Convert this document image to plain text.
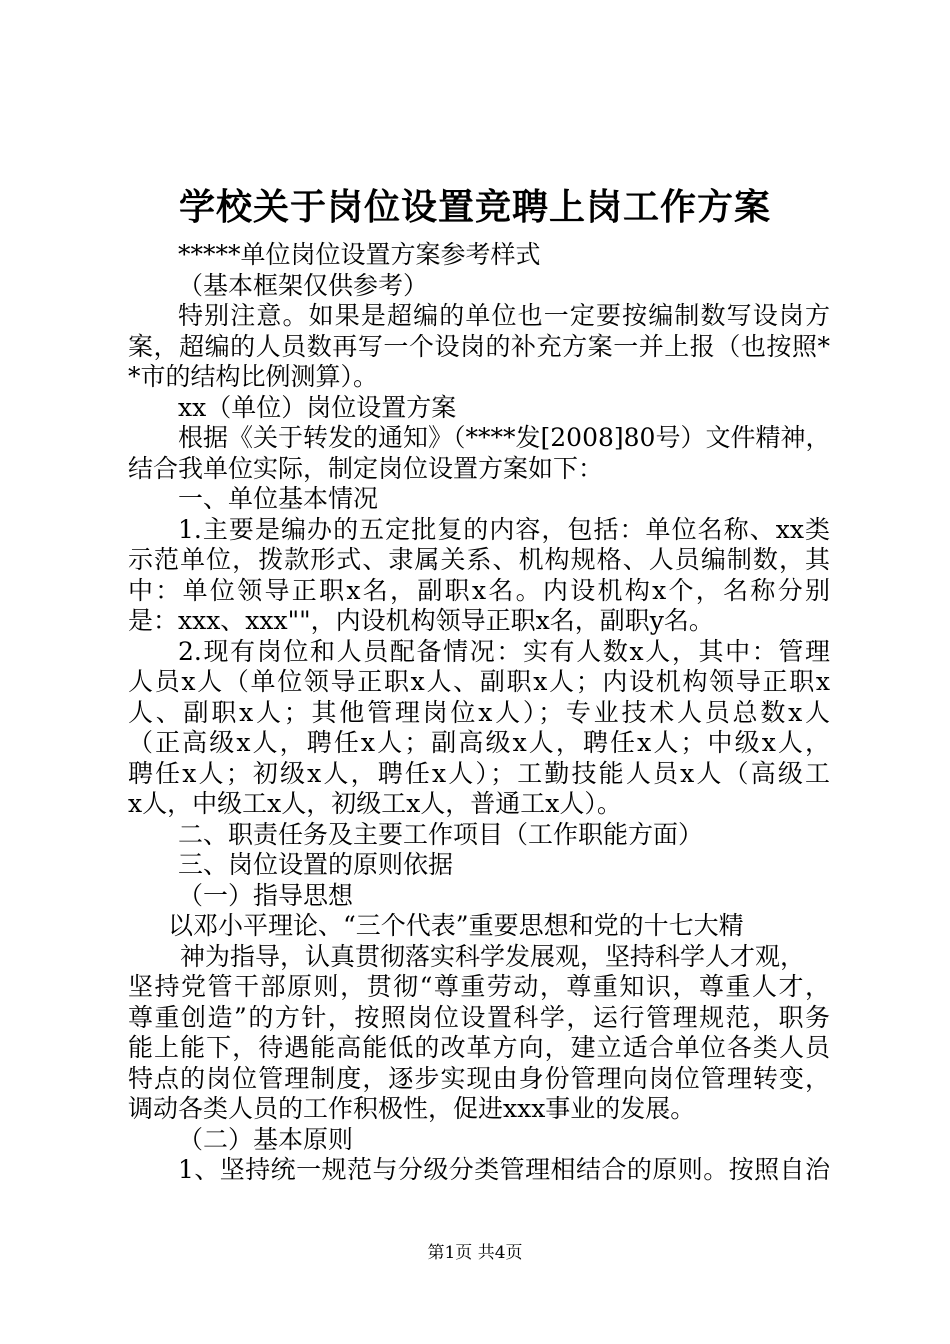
学校关于岗位设置竞聘上岗工作方案
*****单位岗位设置方案参考样式
（基本框架仅供参考）
特别注意。如果是超编的单位也一定要按编制数写设岗方
案，超编的人员数再写一个设岗的补充方案一并上报（也按照*
*市的结构比例测算）。
xx（单位）岗位设置方案
根据《关于转发的通知》（****发[2008]80号）文件精神，
结合我单位实际，制定岗位设置方案如下：
一、单位基本情况
1.主要是编办的五定批复的内容，包括：单位名称、xx类
示范单位，拨款形式、隶属关系、机构规格、人员编制数，其
中：单位领导正职x名，副职x名。内设机构x个，名称分别
是：xxx、xxx""，内设机构领导正职x名，副职y名。
2.现有岗位和人员配备情况：实有人数x人，其中：管理
人员x人（单位领导正职x人、副职x人；内设机构领导正职x
人、副职x人；其他管理岗位x人）；专业技术人员总数x人
（正高级x人，聘任x人；副高级x人，聘任x人；中级x人，
聘任x人；初级x人，聘任x人）；工勤技能人员x人（高级工
x人，中级工x人，初级工x人，普通工x人）。
二、职责任务及主要工作项目（工作职能方面）
三、岗位设置的原则依据
（一）指导思想
以邓小平理论、“三个代表”重要思想和党的十七大精
神为指导，认真贯彻落实科学发展观，坚持科学人才观，
坚持党管干部原则，贯彻“尊重劳动，尊重知识，尊重人才，
尊重创造”的方针，按照岗位设置科学，运行管理规范，职务
能上能下，待遇能高能低的改革方向，建立适合单位各类人员
特点的岗位管理制度，逐步实现由身份管理向岗位管理转变，
调动各类人员的工作积极性，促进xxx事业的发展。
（二）基本原则
1、坚持统一规范与分级分类管理相结合的原则。按照自治
第1页 共4页
